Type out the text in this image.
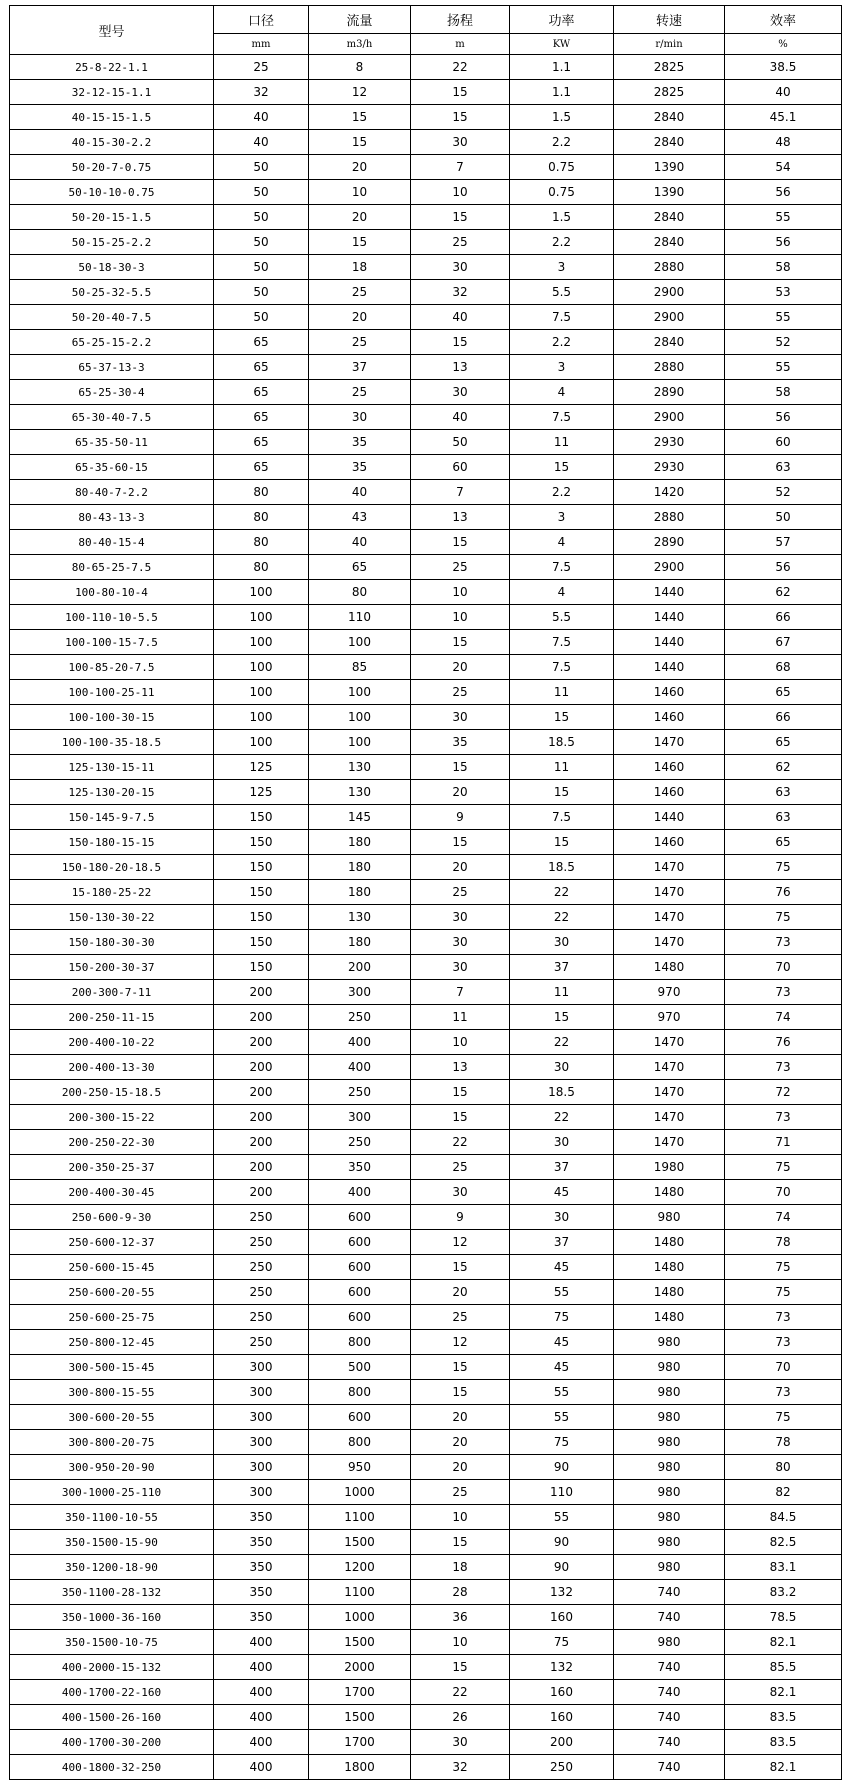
型号	口径	流量	扬程	功率	转速	效率
	mm	m3/h	m	KW	r/min	%
25-8-22-1.1	25	8	22	1.1	2825	38.5
32-12-15-1.1	32	12	15	1.1	2825	40
40-15-15-1.5	40	15	15	1.5	2840	45.1
40-15-30-2.2	40	15	30	2.2	2840	48
50-20-7-0.75	50	20	7	0.75	1390	54
50-10-10-0.75	50	10	10	0.75	1390	56
50-20-15-1.5	50	20	15	1.5	2840	55
50-15-25-2.2	50	15	25	2.2	2840	56
50-18-30-3	50	18	30	3	2880	58
50-25-32-5.5	50	25	32	5.5	2900	53
50-20-40-7.5	50	20	40	7.5	2900	55
65-25-15-2.2	65	25	15	2.2	2840	52
65-37-13-3	65	37	13	3	2880	55
65-25-30-4	65	25	30	4	2890	58
65-30-40-7.5	65	30	40	7.5	2900	56
65-35-50-11	65	35	50	11	2930	60
65-35-60-15	65	35	60	15	2930	63
80-40-7-2.2	80	40	7	2.2	1420	52
80-43-13-3	80	43	13	3	2880	50
80-40-15-4	80	40	15	4	2890	57
80-65-25-7.5	80	65	25	7.5	2900	56
100-80-10-4	100	80	10	4	1440	62
100-110-10-5.5	100	110	10	5.5	1440	66
100-100-15-7.5	100	100	15	7.5	1440	67
100-85-20-7.5	100	85	20	7.5	1440	68
100-100-25-11	100	100	25	11	1460	65
100-100-30-15	100	100	30	15	1460	66
100-100-35-18.5	100	100	35	18.5	1470	65
125-130-15-11	125	130	15	11	1460	62
125-130-20-15	125	130	20	15	1460	63
150-145-9-7.5	150	145	9	7.5	1440	63
150-180-15-15	150	180	15	15	1460	65
150-180-20-18.5	150	180	20	18.5	1470	75
15-180-25-22	150	180	25	22	1470	76
150-130-30-22	150	130	30	22	1470	75
150-180-30-30	150	180	30	30	1470	73
150-200-30-37	150	200	30	37	1480	70
200-300-7-11	200	300	7	11	970	73
200-250-11-15	200	250	11	15	970	74
200-400-10-22	200	400	10	22	1470	76
200-400-13-30	200	400	13	30	1470	73
200-250-15-18.5	200	250	15	18.5	1470	72
200-300-15-22	200	300	15	22	1470	73
200-250-22-30	200	250	22	30	1470	71
200-350-25-37	200	350	25	37	1980	75
200-400-30-45	200	400	30	45	1480	70
250-600-9-30	250	600	9	30	980	74
250-600-12-37	250	600	12	37	1480	78
250-600-15-45	250	600	15	45	1480	75
250-600-20-55	250	600	20	55	1480	75
250-600-25-75	250	600	25	75	1480	73
250-800-12-45	250	800	12	45	980	73
300-500-15-45	300	500	15	45	980	70
300-800-15-55	300	800	15	55	980	73
300-600-20-55	300	600	20	55	980	75
300-800-20-75	300	800	20	75	980	78
300-950-20-90	300	950	20	90	980	80
300-1000-25-110	300	1000	25	110	980	82
350-1100-10-55	350	1100	10	55	980	84.5
350-1500-15-90	350	1500	15	90	980	82.5
350-1200-18-90	350	1200	18	90	980	83.1
350-1100-28-132	350	1100	28	132	740	83.2
350-1000-36-160	350	1000	36	160	740	78.5
350-1500-10-75	400	1500	10	75	980	82.1
400-2000-15-132	400	2000	15	132	740	85.5
400-1700-22-160	400	1700	22	160	740	82.1
400-1500-26-160	400	1500	26	160	740	83.5
400-1700-30-200	400	1700	30	200	740	83.5
400-1800-32-250	400	1800	32	250	740	82.1
